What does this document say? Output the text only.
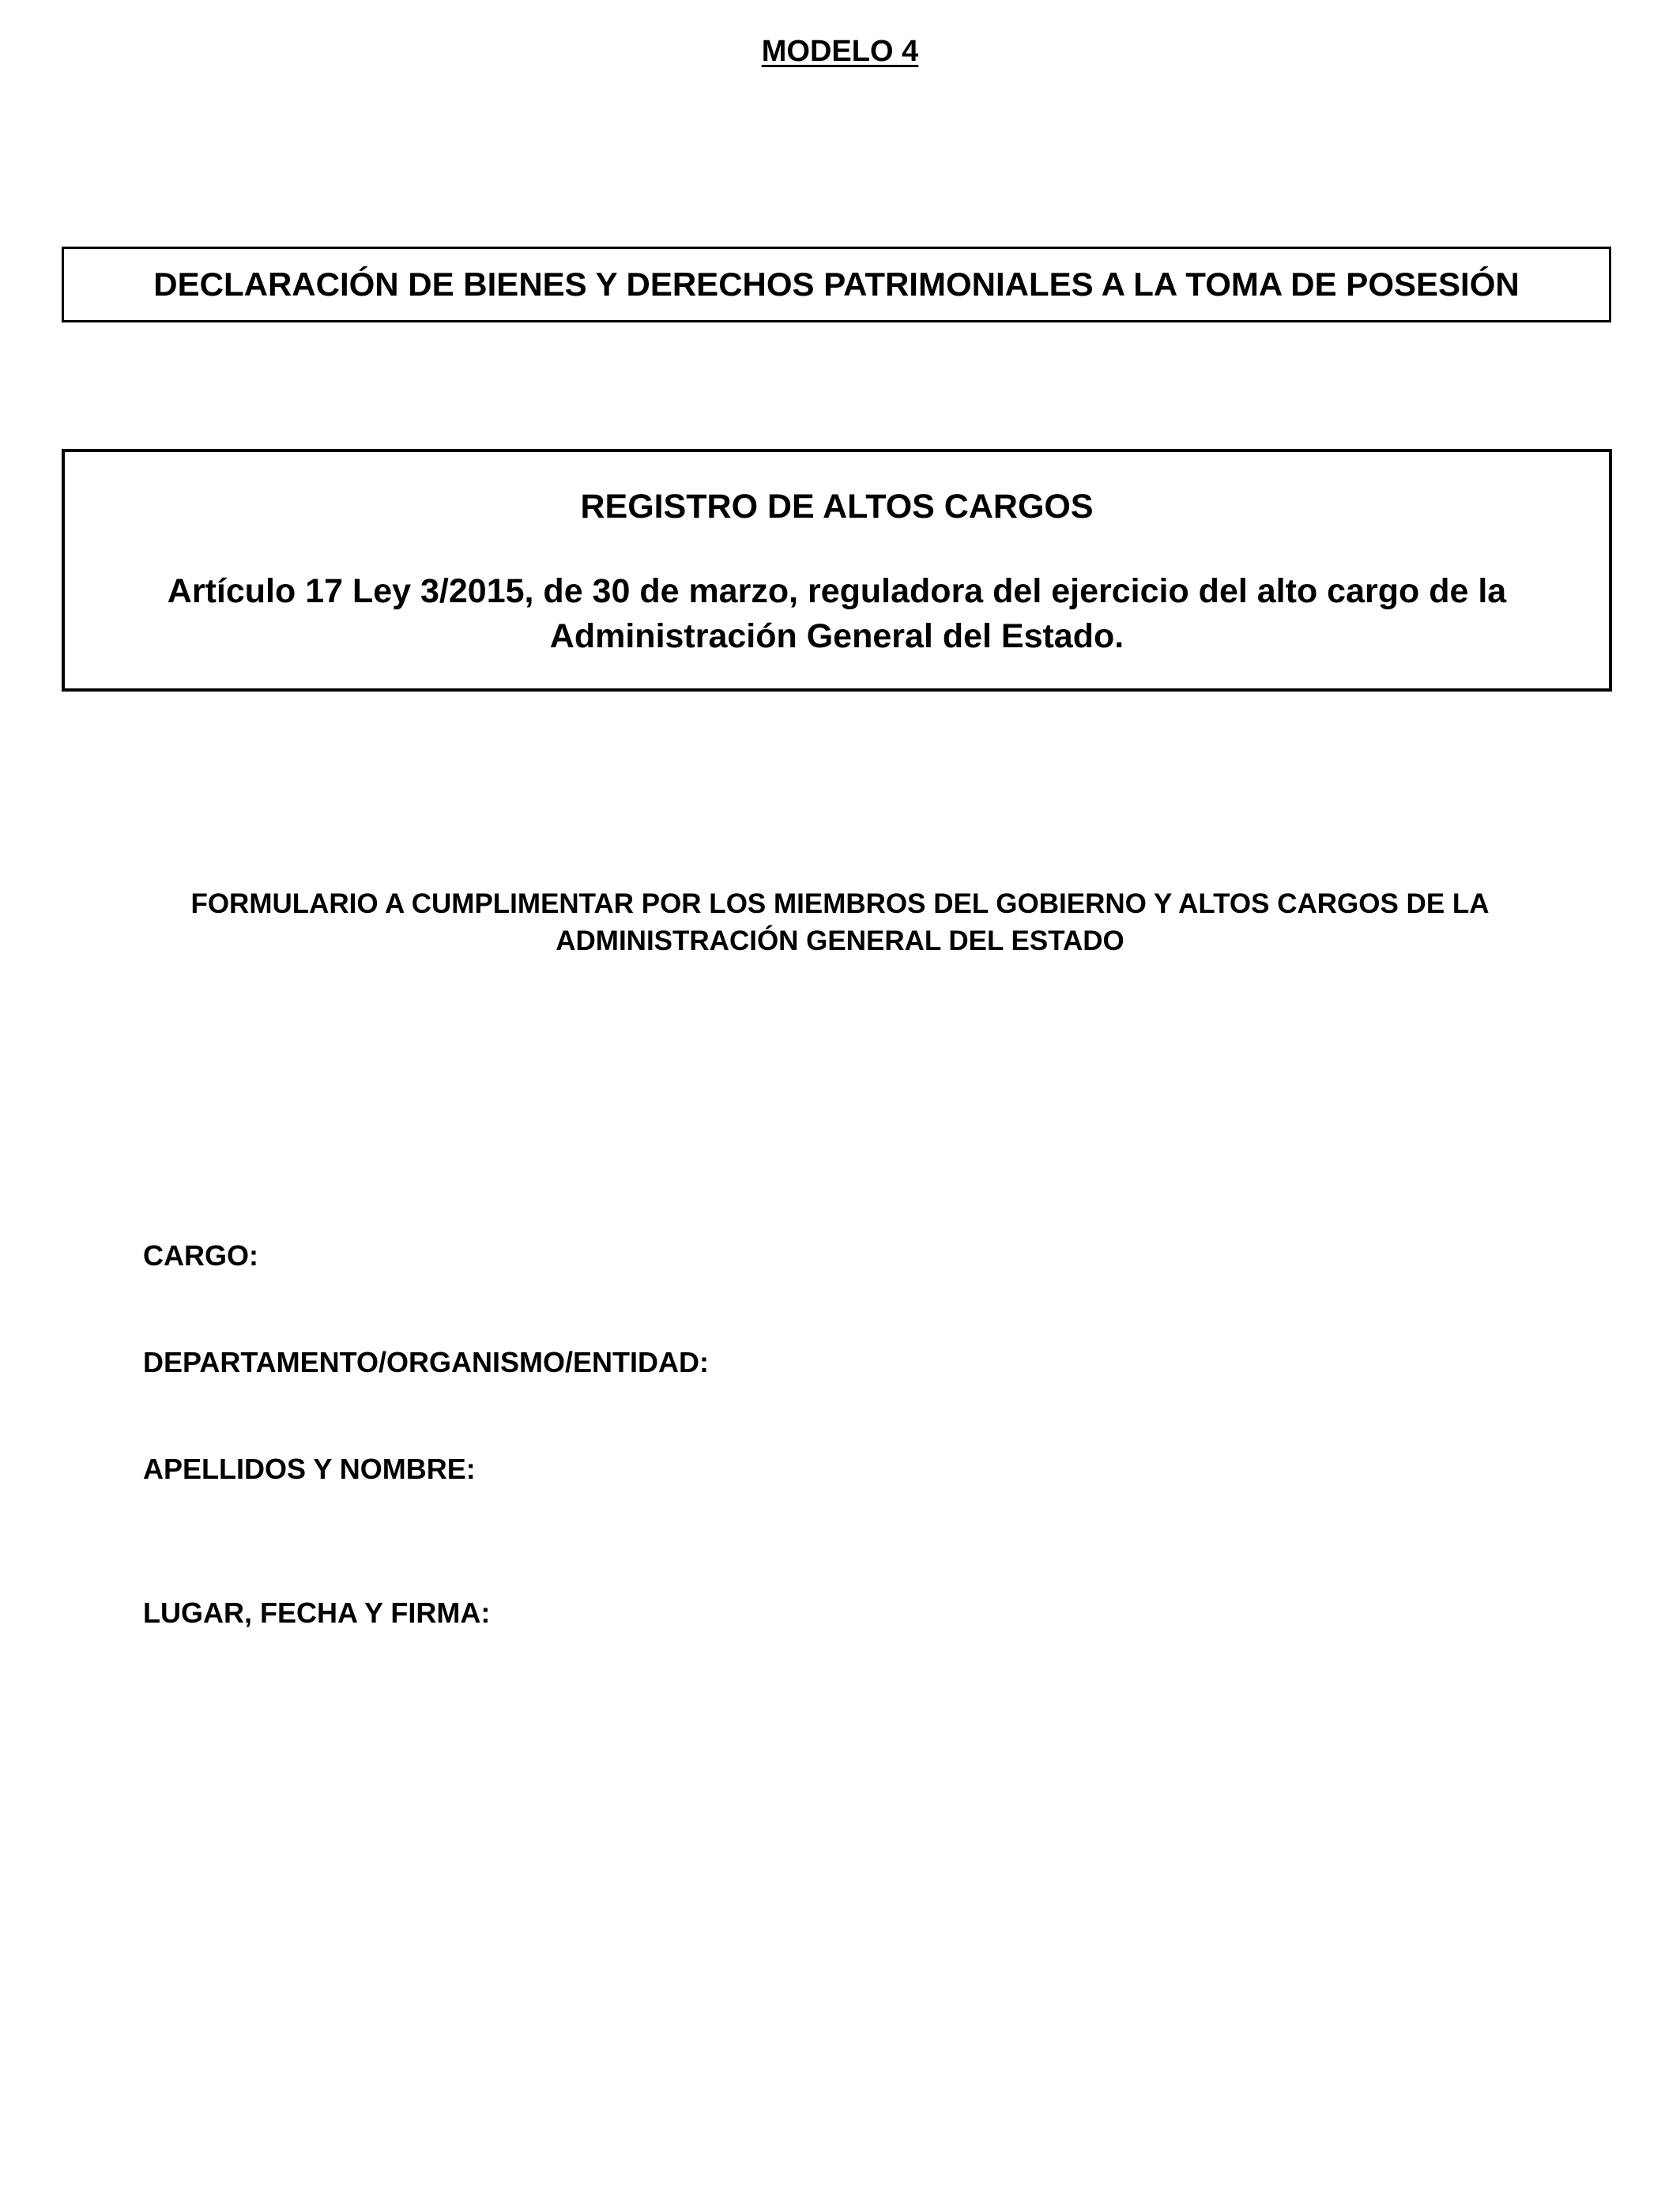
MODELO 4
DECLARACIÓN DE BIENES Y DERECHOS PATRIMONIALES A LA TOMA DE POSESIÓN
REGISTRO DE ALTOS CARGOS
Artículo 17 Ley 3/2015, de 30 de marzo, reguladora del ejercicio del alto cargo de la
Administración General del Estado.
FORMULARIO A CUMPLIMENTAR POR LOS MIEMBROS DEL GOBIERNO Y ALTOS CARGOS DE LA
ADMINISTRACIÓN GENERAL DEL ESTADO
CARGO:
DEPARTAMENTO/ORGANISMO/ENTIDAD:
APELLIDOS Y NOMBRE:
LUGAR, FECHA Y FIRMA:
